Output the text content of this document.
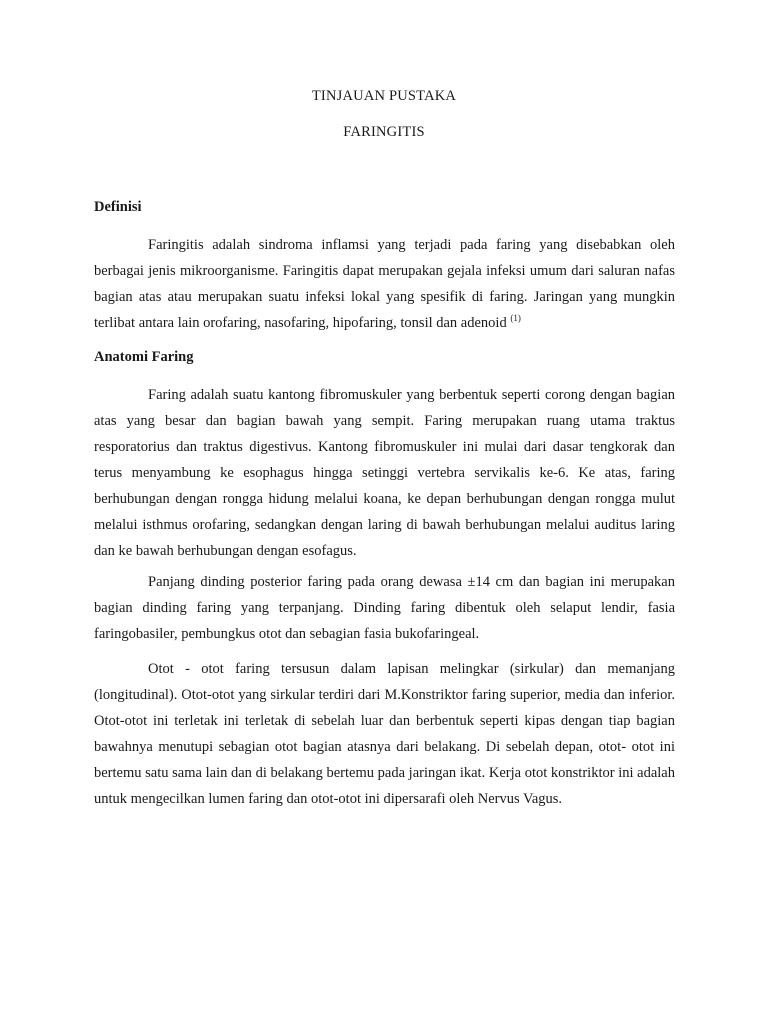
TINJAUAN PUSTAKA
FARINGITIS
Definisi

Faringitis adalah sindroma inflamsi yang terjadi pada faring yang disebabkan oleh berbagai jenis mikroorganisme. Faringitis dapat merupakan gejala infeksi umum dari saluran nafas bagian atas atau merupakan suatu infeksi lokal yang spesifik di faring. Jaringan yang mungkin terlibat antara lain orofaring, nasofaring, hipofaring, tonsil dan adenoid $^{(1)}$

Anatomi Faring

Faring adalah suatu kantong fibromuskuler yang berbentuk seperti corong dengan bagian atas yang besar dan bagian bawah yang sempit. Faring merupakan ruang utama traktus resporatorius dan traktus digestivus. Kantong fibromuskuler ini mulai dari dasar tengkorak dan terus menyambung ke esophagus hingga setinggi vertebra servikalis ke-6. Ke atas, faring berhubungan dengan rongga hidung melalui koana, ke depan berhubungan dengan rongga mulut melalui isthmus orofaring, sedangkan dengan laring di bawah berhubungan melalui auditus laring dan ke bawah berhubungan dengan esofagus.

Panjang dinding posterior faring pada orang dewasa ±14 cm dan bagian ini merupakan bagian dinding faring yang terpanjang. Dinding faring dibentuk oleh selaput lendir, fasia faringobasiler, pembungkus otot dan sebagian fasia bukofaringeal.

Otot - otot faring tersusun dalam lapisan melingkar (sirkular) dan memanjang (longitudinal). Otot-otot yang sirkular terdiri dari M.Konstriktor faring superior, media dan inferior. Otot-otot ini terletak ini terletak di sebelah luar dan berbentuk seperti kipas dengan tiap bagian bawahnya menutupi sebagian otot bagian atasnya dari belakang. Di sebelah depan, otot- otot ini bertemu satu sama lain dan di belakang bertemu pada jaringan ikat. Kerja otot konstriktor ini adalah untuk mengecilkan lumen faring dan otot-otot ini dipersarafi oleh Nervus Vagus.
